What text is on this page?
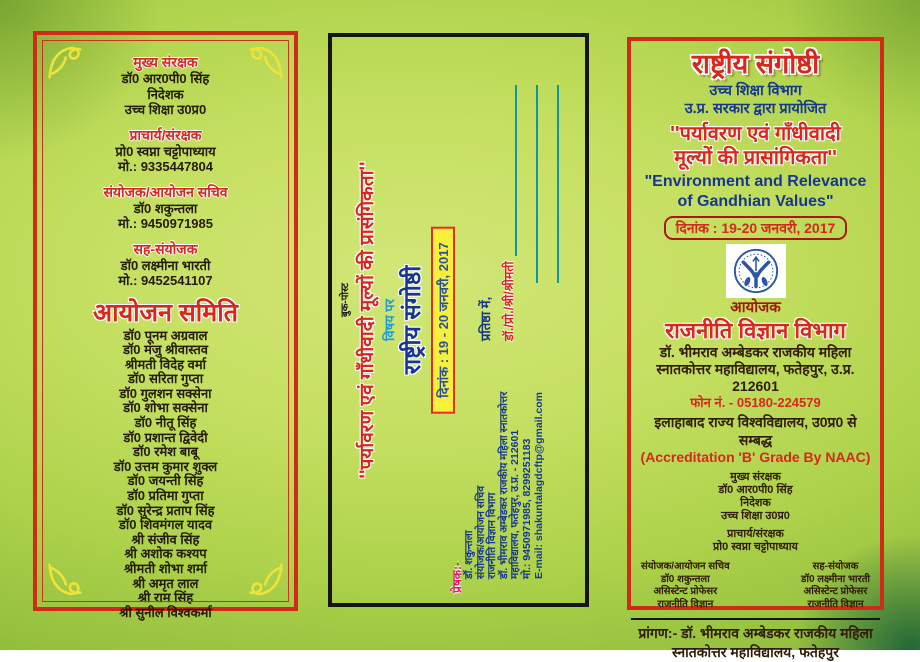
मुख्य संरक्षक
डॉ0 आर0पी0 सिंह
निदेशक
उच्च शिक्षा उ0प्र0
प्राचार्य/संरक्षक
प्रो0 स्वप्ना चट्टोपाध्याय
मो.: 9335447804
संयोजक/आयोजन सचिव
डॉ0 शकुन्तला
मो.: 9450971985
सह-संयोजक
डॉ0 लक्ष्मीना भारती
मो.: 9452541107
आयोजन समिति
डॉ0 पूनम अग्रवाल
डॉ0 मंजु श्रीवास्तव
श्रीमती विदेह वर्मा
डॉ0 सरिता गुप्ता
डॉ0 गुलशन सक्सेना
डॉ0 शोभा सक्सेना
डॉ0 नीतू सिंह
डॉ0 प्रशान्त द्विवेदी
डॉ0 रमेश बाबू
डॉ0 उत्तम कुमार शुक्ल
डॉ0 जयन्ती सिंह
डॉ0 प्रतिमा गुप्ता
डॉ0 सुरेन्द्र प्रताप सिंह
डॉ0 शिवमंगल यादव
श्री संजीव सिंह
श्री अशोक कश्यप
श्रीमती शोभा शर्मा
श्री अमृत लाल
श्री राम सिंह
श्री सुनील विश्वकर्मा
बुक-पोस्ट ''पर्यावरण एवं गाँधीवादी मूल्यों की प्रासंगिकता'' विषय पर राष्ट्रीय संगोष्ठी दिनांक : 19 - 20 जनवरी, 2017
प्रेषक:- डॉ. शकुन्तला संयोजक/आयोजन सचिव राजनीति विज्ञान विभाग डॉ. भीमराव अम्बेडकर राजकीय महिला स्नातकोत्तर महाविद्यालय, फतेहपुर, उ.प्र. - 212601 मो.: 9450971985, 8299251183 E-mail: shakuntalagdcftp@gmail.com
प्रतिष्ठा में, डॉ./प्रो./श्री/श्रीमती
राष्ट्रीय संगोष्ठी
उच्च शिक्षा विभाग
उ.प्र. सरकार द्वारा प्रायोजित
''पर्यावरण एवं गाँधीवादी
मूल्यों की प्रासांगिकता''
"Environment and Relevance
of Gandhian Values"
दिनांक : 19-20 जनवरी, 2017
आयोजक
राजनीति विज्ञान विभाग
डॉ. भीमराव अम्बेडकर राजकीय महिला
स्नातकोत्तर महाविद्यालय, फतेहपुर, उ.प्र. 212601
फोन नं. - 05180-224579
इलाहाबाद राज्य विश्वविद्यालय, उ0प्र0 से सम्बद्ध
(Accreditation 'B' Grade By NAAC)
मुख्य संरक्षक
डॉ0 आर0पी0 सिंह
निदेशक
उच्च शिक्षा उ0प्र0
प्राचार्य/संरक्षक
प्रो0 स्वप्ना चट्टोपाध्याय
संयोजक/आयोजन सचिव
डॉ0 शकुन्तला
असिस्टेन्ट प्रोफेसर
राजनीति विज्ञान
सह-संयोजक
डॉ0 लक्ष्मीना भारती
असिस्टेन्ट प्रोफेसर
राजनीति विज्ञान
प्रांगण:- डॉ. भीमराव अम्बेडकर राजकीय महिला
स्नातकोत्तर महाविद्यालय, फतेहपुर
